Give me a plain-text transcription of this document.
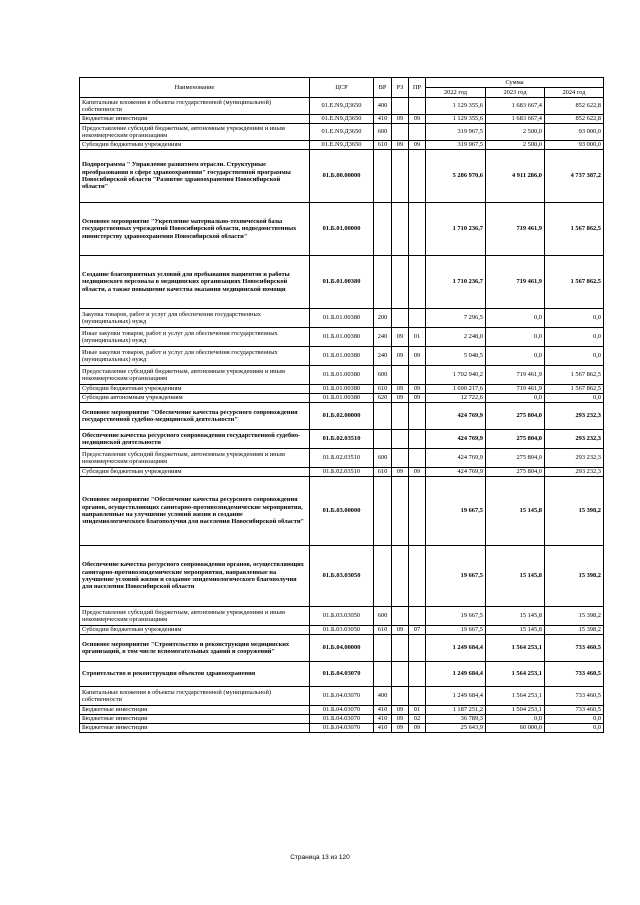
Наименование	ЦСР	ВР	РЗ	ПР	Сумма		
					2022 год	2023 год	2024 год
Капитальные вложения в объекты государственной (муниципальной) собственности	01.Е.N9.Д3650	400			1 129 355,6	1 683 667,4	852 622,8
Бюджетные инвестиции	01.Е.N9.Д3650	410	09	09	1 129 355,6	1 683 667,4	852 622,8
Предоставление субсидий бюджетным, автономным учреждениям и иным некоммерческим организациям	01.Е.N9.Д3650	600			319 967,5	2 500,0	93 000,0
Субсидии бюджетным учреждениям	01.Е.N9.Д3650	610	09	09	319 967,5	2 500,0	93 000,0
Подпрограмма " Управление развитием отрасли. Структурные преобразования в сфере здравоохранения" государственной программы Новосибирской области "Развитие здравоохранения Новосибирской области"	01.Б.00.00000				5 286 970,6	4 911 286,0	4 737 387,2
Основное мероприятие "Укрепление материально-технической базы государственных учреждений Новосибирской области, подведомственных министерству здравоохранения Новосибирской области"	01.Б.01.00000				1 710 236,7	719 461,9	1 567 862,5
Создание благоприятных условий для пребывания пациентов и работы медицинского персонала в медицинских организациях Новосибирской области, а также повышение качества оказания медицинской помощи	01.Б.01.00380				1 710 236,7	719 461,9	1 567 862,5
Закупка товаров, работ и услуг для обеспечения государственных (муниципальных) нужд	01.Б.01.00380	200			7 296,5	0,0	0,0
Иные закупки товаров, работ и услуг для обеспечения государственных (муниципальных) нужд	01.Б.01.00380	240	09	01	2 248,0	0,0	0,0
Иные закупки товаров, работ и услуг для обеспечения государственных (муниципальных) нужд	01.Б.01.00380	240	09	09	5 048,5	0,0	0,0
Предоставление субсидий бюджетным, автономным учреждениям и иным некоммерческим организациям	01.Б.01.00380	600			1 702 940,2	719 461,9	1 567 862,5
Субсидии бюджетным учреждениям	01.Б.01.00380	610	09	09	1 690 217,6	719 461,9	1 567 862,5
Субсидии автономным учреждениям	01.Б.01.00380	620	09	09	12 722,6	0,0	0,0
Основное мероприятие "Обеспечение качества ресурсного сопровождения государственной судебно-медицинской деятельности"	01.Б.02.00000				424 769,9	275 804,0	293 232,3
Обеспечение качества ресурсного сопровождения государственной судебно-медицинской деятельности	01.Б.02.03510				424 769,9	275 804,0	293 232,3
Предоставление субсидий бюджетным, автономным учреждениям и иным некоммерческим организациям	01.Б.02.03510	600			424 769,9	275 804,0	293 232,3
Субсидии бюджетным учреждениям	01.Б.02.03510	610	09	09	424 769,9	275 804,0	293 232,3
Основное мероприятие "Обеспечение качества ресурсного сопровождения органов, осуществляющих санитарно-противоэпидемические мероприятия, направленные на улучшение условий жизни и создание эпидемиологического благополучия для населения Новосибирской области"	01.Б.03.00000				19 667,5	15 145,8	15 398,2
Обеспечение качества ресурсного сопровождения органов, осуществляющих санитарно-противоэпидемические мероприятия, направленные на улучшение условий жизни и создание эпидемиологического благополучия для населения Новосибирской области	01.Б.03.03050				19 667,5	15 145,8	15 398,2
Предоставление субсидий бюджетным, автономным учреждениям и иным некоммерческим организациям	01.Б.03.03050	600			19 667,5	15 145,8	15 398,2
Субсидии бюджетным учреждениям	01.Б.03.03050	610	09	07	19 667,5	15 145,8	15 398,2
Основное мероприятие "Строительство и реконструкция медицинских организаций, в том числе вспомогательных зданий и сооружений"	01.Б.04.00000				1 249 684,4	1 564 253,1	733 460,5
Строительство и реконструкция объектов здравоохранения	01.Б.04.03070				1 249 684,4	1 564 253,1	733 460,5
Капитальные вложения в объекты государственной (муниципальной) собственности	01.Б.04.03070	400			1 249 684,4	1 564 253,1	733 460,5
Бюджетные инвестиции	01.Б.04.03070	410	09	01	1 187 251,2	1 504 253,1	733 460,5
Бюджетные инвестиции	01.Б.04.03070	410	09	02	36 789,3	0,0	0,0
Бюджетные инвестиции	01.Б.04.03070	410	09	09	25 643,9	60 000,0	0,0
Страница 13 из 120
